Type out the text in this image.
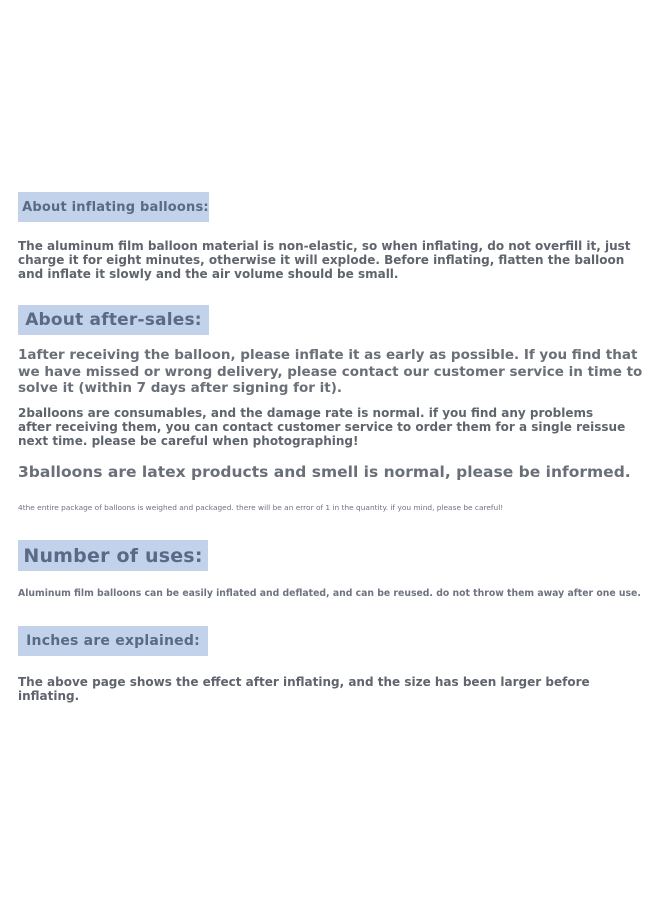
About inflating balloons:

The aluminum film balloon material is non-elastic, so when inflating, do not overfill it, just charge it for eight minutes, otherwise it will explode. Before inflating, flatten the balloon and inflate it slowly and the air volume should be small.

About after-sales:

1after receiving the balloon, please inflate it as early as possible. If you find that we have missed or wrong delivery, please contact our customer service in time to solve it (within 7 days after signing for it).

2balloons are consumables, and the damage rate is normal. if you find any problems after receiving them, you can contact customer service to order them for a single reissue next time. please be careful when photographing!

3balloons are latex products and smell is normal, please be informed.

4the entire package of balloons is weighed and packaged. there will be an error of 1 in the quantity. if you mind, please be careful!

Number of uses:

Aluminum film balloons can be easily inflated and deflated, and can be reused. do not throw them away after one use.

Inches are explained:

The above page shows the effect after inflating, and the size has been larger before inflating.
